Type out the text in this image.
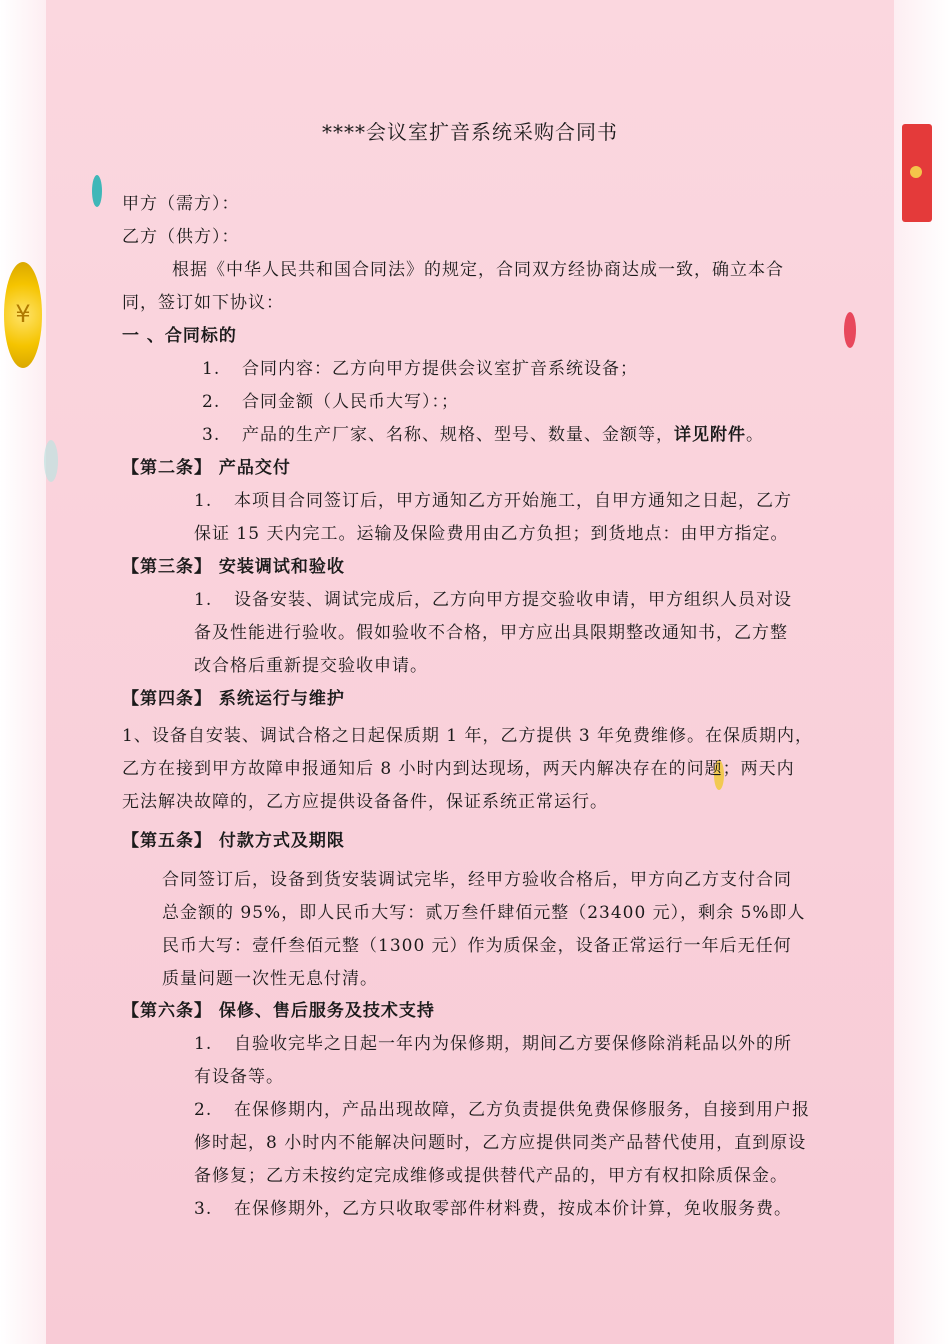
¥
****会议室扩音系统采购合同书
甲方（需方）：
乙方（供方）：
根据《中华人民共和国合同法》的规定，合同双方经协商达成一致，确立本合
同，签订如下协议：
一 、合同标的
1. 合同内容：乙方向甲方提供会议室扩音系统设备；
2. 合同金额（人民币大写）：；
3. 产品的生产厂家、名称、规格、型号、数量、金额等，详见附件。
【第二条】 产品交付
1. 本项目合同签订后，甲方通知乙方开始施工，自甲方通知之日起，乙方
保证 15 天内完工。运输及保险费用由乙方负担；到货地点：由甲方指定。
【第三条】 安装调试和验收
1. 设备安装、调试完成后，乙方向甲方提交验收申请，甲方组织人员对设
备及性能进行验收。假如验收不合格，甲方应出具限期整改通知书，乙方整
改合格后重新提交验收申请。
【第四条】 系统运行与维护
1、设备自安装、调试合格之日起保质期 1 年，乙方提供 3 年免费维修。在保质期内，
乙方在接到甲方故障申报通知后 8 小时内到达现场，两天内解决存在的问题；两天内
无法解决故障的，乙方应提供设备备件，保证系统正常运行。
【第五条】 付款方式及期限
合同签订后，设备到货安装调试完毕，经甲方验收合格后，甲方向乙方支付合同
总金额的 95%，即人民币大写：贰万叁仟肆佰元整（23400 元），剩余 5%即人
民币大写：壹仟叁佰元整（1300 元）作为质保金，设备正常运行一年后无任何
质量问题一次性无息付清。
【第六条】 保修、售后服务及技术支持
1. 自验收完毕之日起一年内为保修期，期间乙方要保修除消耗品以外的所
有设备等。
2. 在保修期内，产品出现故障，乙方负责提供免费保修服务，自接到用户报
修时起，8 小时内不能解决问题时，乙方应提供同类产品替代使用，直到原设
备修复；乙方未按约定完成维修或提供替代产品的，甲方有权扣除质保金。
3. 在保修期外，乙方只收取零部件材料费，按成本价计算，免收服务费。
